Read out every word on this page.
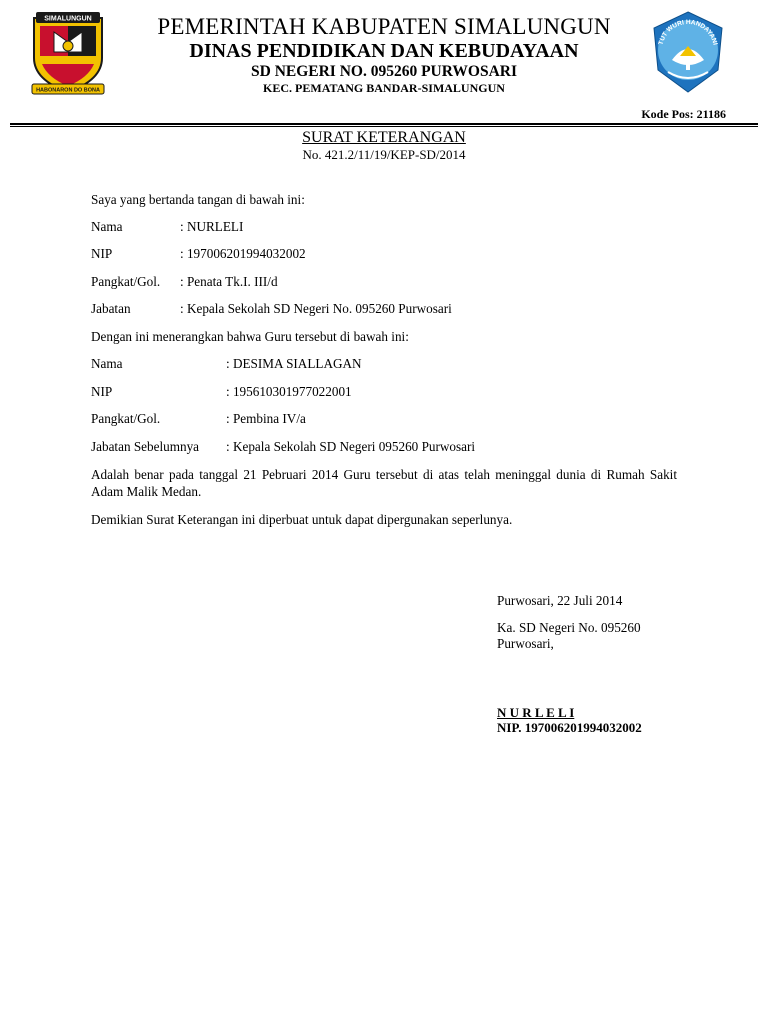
SIMALUNGUN
HABONARON DO BONA
TUT WURI HANDAYANI
PEMERINTAH KABUPATEN SIMALUNGUN
DINAS PENDIDIKAN DAN KEBUDAYAAN
SD NEGERI NO. 095260 PURWOSARI
KEC. PEMATANG BANDAR-SIMALUNGUN
Kode Pos: 21186
SURAT KETERANGAN
No. 421.2/11/19/KEP-SD/2014
Saya yang bertanda tangan di bawah ini:
Nama	: NURLELI
NIP	: 197006201994032002
Pangkat/Gol. : Penata Tk.I. III/d
Jabatan	: Kepala Sekolah SD Negeri No. 095260 Purwosari
Dengan ini menerangkan bahwa Guru tersebut di bawah ini:
Nama	: DESIMA SIALLAGAN
NIP	: 195610301977022001
Pangkat/Gol.	: Pembina IV/a
Jabatan Sebelumnya : Kepala Sekolah SD Negeri 095260 Purwosari
Adalah benar pada tanggal 21 Pebruari 2014 Guru tersebut di atas telah meninggal dunia di Rumah Sakit Adam Malik Medan.
Demikian Surat Keterangan ini diperbuat untuk dapat dipergunakan seperlunya.
Purwosari, 22 Juli 2014
Ka. SD Negeri No. 095260
Purwosari,
N U R L E L I
NIP. 197006201994032002
